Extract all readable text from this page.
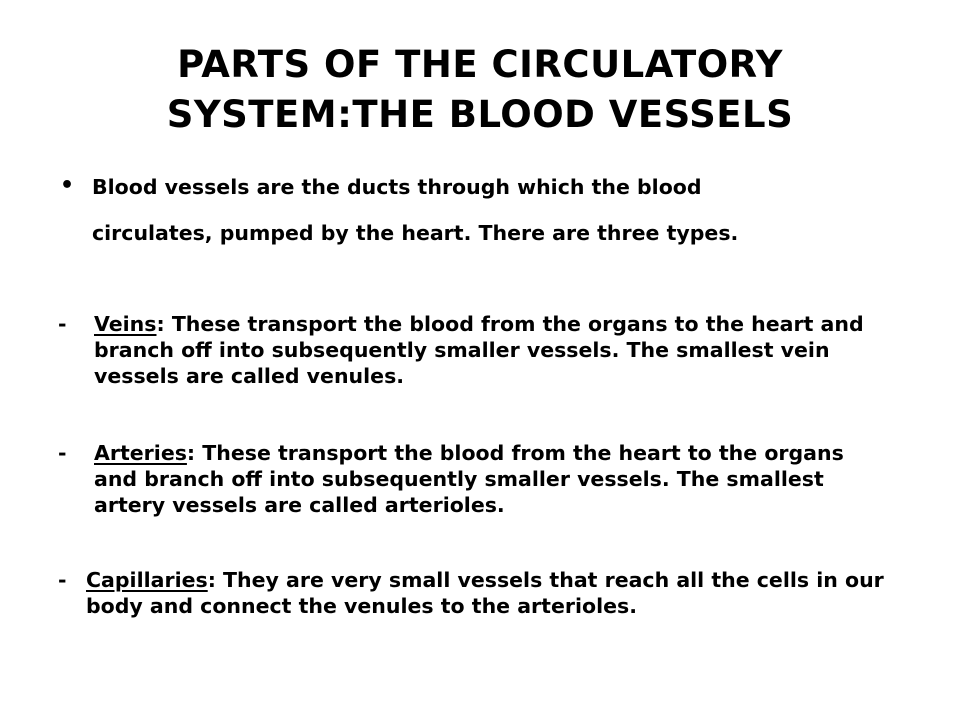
PARTS OF THE CIRCULATORY
SYSTEM:THE BLOOD VESSELS
• Blood vessels are the ducts through which the blood
circulates, pumped by the heart. There are three types.
- Veins: These transport the blood from the organs to the heart and branch off into subsequently smaller vessels. The smallest vein vessels are called venules.
- Arteries: These transport the blood from the heart to the organs and branch off into subsequently smaller vessels. The smallest artery vessels are called arterioles.
- Capillaries: They are very small vessels that reach all the cells in our body and connect the venules to the arterioles.
